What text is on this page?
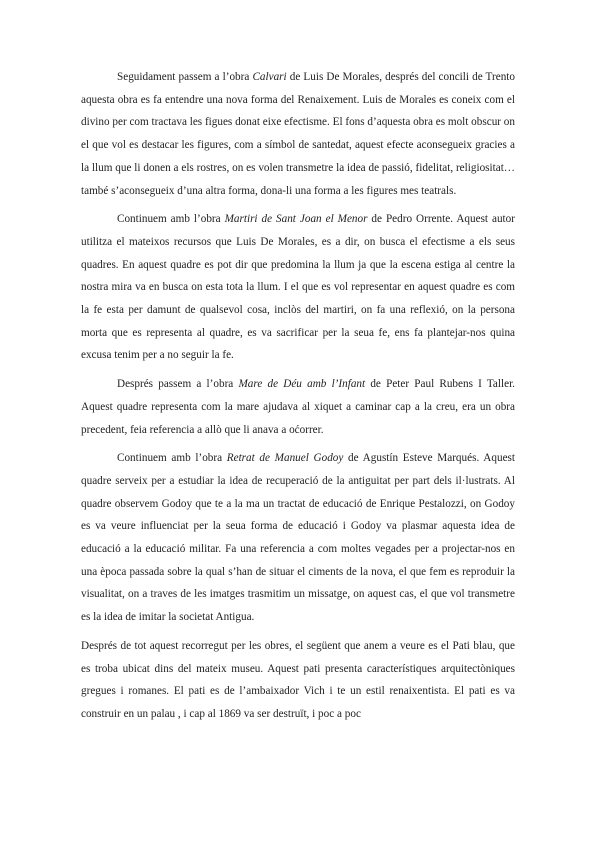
Seguidament passem a l’obra Calvari de Luis De Morales, després del concili de Trento aquesta obra es fa entendre una nova forma del Renaixement. Luis de Morales es coneix com el divino per com tractava les figues donat eixe efectisme. El fons d’aquesta obra es molt obscur on el que vol es destacar les figures, com a símbol de santedat, aquest efecte aconsegueix gracies a la llum que li donen a els rostres, on es volen transmetre la idea de passió, fidelitat, religiositat… també s’aconsegueix d’una altra forma, dona-li una forma a les figures mes teatrals.

Continuem amb l’obra Martiri de Sant Joan el Menor de Pedro Orrente. Aquest autor utilitza el mateixos recursos que Luis De Morales, es a dir, on busca el efectisme a els seus quadres. En aquest quadre es pot dir que predomina la llum ja que la escena estiga al centre la nostra mira va en busca on esta tota la llum. I el que es vol representar en aquest quadre es com la fe esta per damunt de qualsevol cosa, inclòs del martiri, on fa una reflexió, on la persona morta que es representa al quadre, es va sacrificar per la seua fe, ens fa plantejar-nos quina excusa tenim per a no seguir la fe.

Després passem a l’obra Mare de Déu amb l’Infant de Peter Paul Rubens I Taller. Aquest quadre representa com la mare ajudava al xiquet a caminar cap a la creu, era un obra precedent, feia referencia a allò que li anava a oćorrer.

Continuem amb l’obra Retrat de Manuel Godoy de Agustín Esteve Marqués. Aquest quadre serveix per a estudiar la idea de recuperació de la antiguitat per part dels il·lustrats. Al quadre observem Godoy que te a la ma un tractat de educació de Enrique Pestalozzi, on Godoy es va veure influenciat per la seua forma de educació i Godoy va plasmar aquesta idea de educació a la educació militar. Fa una referencia a com moltes vegades per a projectar-nos en una època passada sobre la qual s’han de situar el ciments de la nova, el que fem es reproduir la visualitat, on a traves de les imatges trasmitim un missatge, on aquest cas, el que vol transmetre es la idea de imitar la societat Antigua.

Després de tot aquest recorregut per les obres, el següent que anem a veure es el Pati blau, que es troba ubicat dins del mateix museu. Aquest pati presenta característiques arquitectòniques gregues i romanes. El pati es de l’ambaixador Vich i te un estil renaixentista. El pati es va construir en un palau , i cap al 1869 va ser destruït, i poc a poc
